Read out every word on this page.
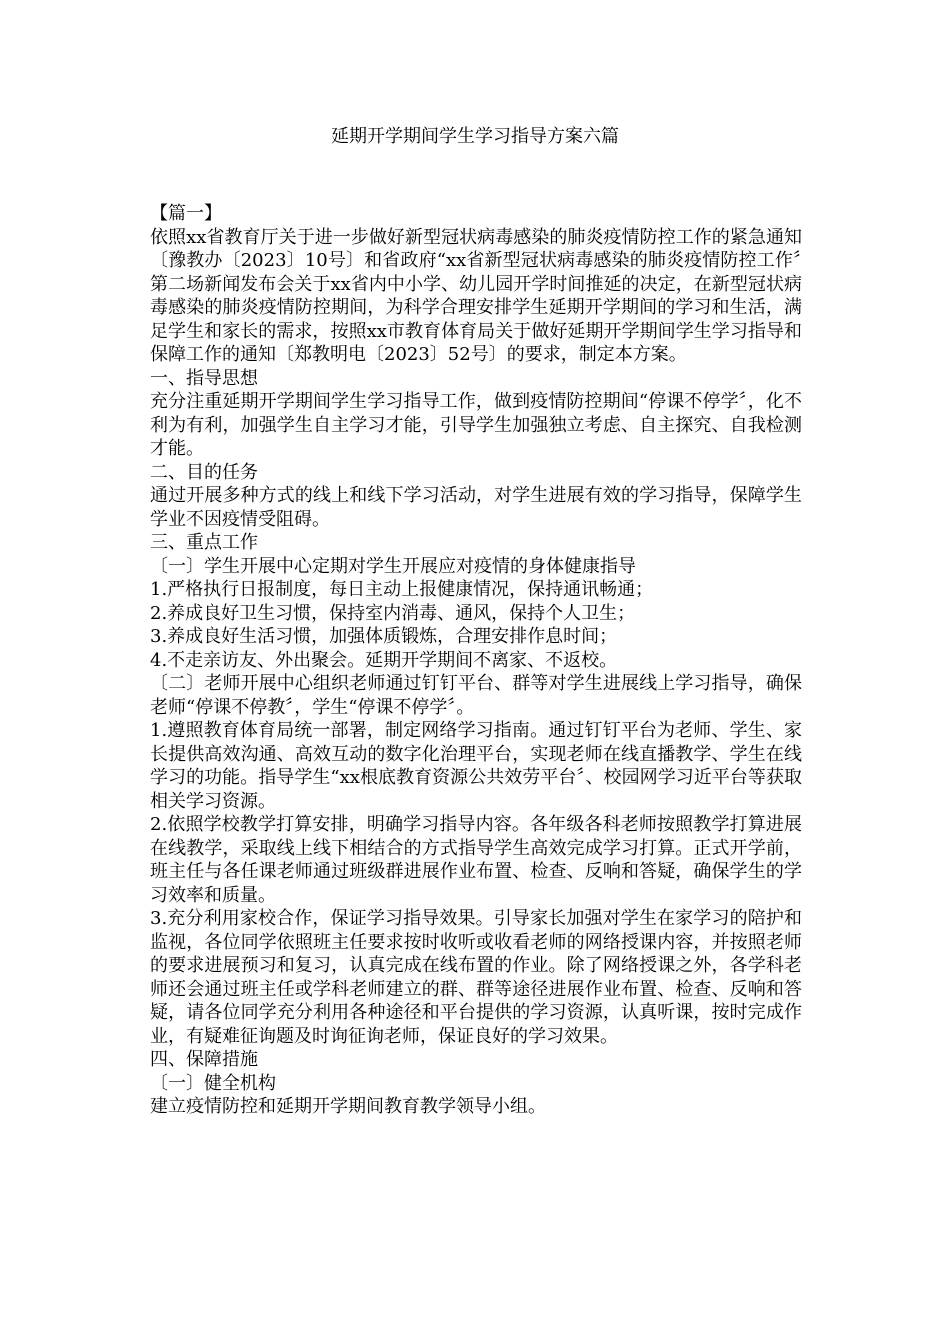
延期开学期间学生学习指导方案六篇

【篇一】

依照xx省教育厅关于进一步做好新型冠状病毒感染的肺炎疫情防控工作的紧急通知〔豫教办〔2023〕10号〕和省政府“xx省新型冠状病毒感染的肺炎疫情防控工作〞第二场新闻发布会关于xx省内中小学、幼儿园开学时间推延的决定，在新型冠状病毒感染的肺炎疫情防控期间，为科学合理安排学生延期开学期间的学习和生活，满足学生和家长的需求，按照xx市教育体育局关于做好延期开学期间学生学习指导和保障工作的通知〔郑教明电〔2023〕52号〕的要求，制定本方案。

一、指导思想

充分注重延期开学期间学生学习指导工作，做到疫情防控期间“停课不停学〞，化不利为有利，加强学生自主学习才能，引导学生加强独立考虑、自主探究、自我检测才能。

二、目的任务

通过开展多种方式的线上和线下学习活动，对学生进展有效的学习指导，保障学生学业不因疫情受阻碍。

三、重点工作

〔一〕学生开展中心定期对学生开展应对疫情的身体健康指导

1.严格执行日报制度，每日主动上报健康情况，保持通讯畅通；

2.养成良好卫生习惯，保持室内消毒、通风，保持个人卫生；

3.养成良好生活习惯，加强体质锻炼，合理安排作息时间；

4.不走亲访友、外出聚会。延期开学期间不离家、不返校。

〔二〕老师开展中心组织老师通过钉钉平台、群等对学生进展线上学习指导，确保老师“停课不停教〞，学生“停课不停学〞。

1.遵照教育体育局统一部署，制定网络学习指南。通过钉钉平台为老师、学生、家长提供高效沟通、高效互动的数字化治理平台，实现老师在线直播教学、学生在线学习的功能。指导学生“xx根底教育资源公共效劳平台〞、校园网学习近平台等获取相关学习资源。

2.依照学校教学打算安排，明确学习指导内容。各年级各科老师按照教学打算进展在线教学，采取线上线下相结合的方式指导学生高效完成学习打算。正式开学前，班主任与各任课老师通过班级群进展作业布置、检查、反响和答疑，确保学生的学习效率和质量。

3.充分利用家校合作，保证学习指导效果。引导家长加强对学生在家学习的陪护和监视，各位同学依照班主任要求按时收听或收看老师的网络授课内容，并按照老师的要求进展预习和复习，认真完成在线布置的作业。除了网络授课之外，各学科老师还会通过班主任或学科老师建立的群、群等途径进展作业布置、检查、反响和答疑，请各位同学充分利用各种途径和平台提供的学习资源，认真听课，按时完成作业，有疑难征询题及时询征询老师，保证良好的学习效果。

四、保障措施

〔一〕健全机构

建立疫情防控和延期开学期间教育教学领导小组。
